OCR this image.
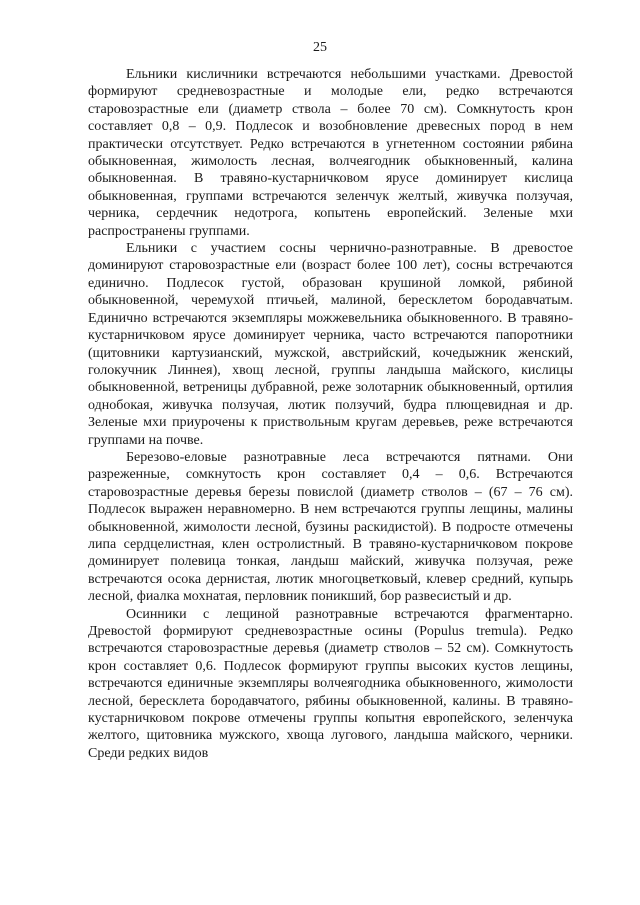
25

Ельники кисличники встречаются небольшими участками. Древостой формируют средневозрастные и молодые ели, редко встречаются старовозрастные ели (диаметр ствола – более 70 см). Сомкнутость крон составляет 0,8 – 0,9. Подлесок и возобновление древесных пород в нем практически отсутствует. Редко встречаются в угнетенном состоянии рябина обыкновенная, жимолость лесная, волчеягодник обыкновенный, калина обыкновенная. В травяно-кустарничковом ярусе доминирует кислица обыкновенная, группами встречаются зеленчук желтый, живучка ползучая, черника, сердечник недотрога, копытень европейский. Зеленые мхи распространены группами.

Ельники с участием сосны чернично-разнотравные. В древостое доминируют старовозрастные ели (возраст более 100 лет), сосны встречаются единично. Подлесок густой, образован крушиной ломкой, рябиной обыкновенной, черемухой птичьей, малиной, бересклетом бородавчатым. Единично встречаются экземпляры можжевельника обыкновенного. В травяно-кустарничковом ярусе доминирует черника, часто встречаются папоротники (щитовники картузианский, мужской, австрийский, кочедыжник женский, голокучник Линнея), хвощ лесной, группы ландыша майского, кислицы обыкновенной, ветреницы дубравной, реже золотарник обыкновенный, ортилия однобокая, живучка ползучая, лютик ползучий, будра плющевидная и др. Зеленые мхи приурочены к приствольным кругам деревьев, реже встречаются группами на почве.

Березово-еловые разнотравные леса встречаются пятнами. Они разреженные, сомкнутость крон составляет 0,4 – 0,6. Встречаются старовозрастные деревья березы повислой (диаметр стволов – (67 – 76 см). Подлесок выражен неравномерно. В нем встречаются группы лещины, малины обыкновенной, жимолости лесной, бузины раскидистой). В подросте отмечены липа сердцелистная, клен остролистный. В травяно-кустарничковом покрове доминирует полевица тонкая, ландыш майский, живучка ползучая, реже встречаются осока дернистая, лютик многоцветковый, клевер средний, купырь лесной, фиалка мохнатая, перловник поникший, бор развесистый и др.

Осинники с лещиной разнотравные встречаются фрагментарно. Древостой формируют средневозрастные осины (Populus tremula). Редко встречаются старовозрастные деревья (диаметр стволов – 52 см). Сомкнутость крон составляет 0,6. Подлесок формируют группы высоких кустов лещины, встречаются единичные экземпляры волчеягодника обыкновенного, жимолости лесной, бересклета бородавчатого, рябины обыкновенной, калины. В травяно-кустарничковом покрове отмечены группы копытня европейского, зеленчука желтого, щитовника мужского, хвоща лугового, ландыша майского, черники. Среди редких видов
